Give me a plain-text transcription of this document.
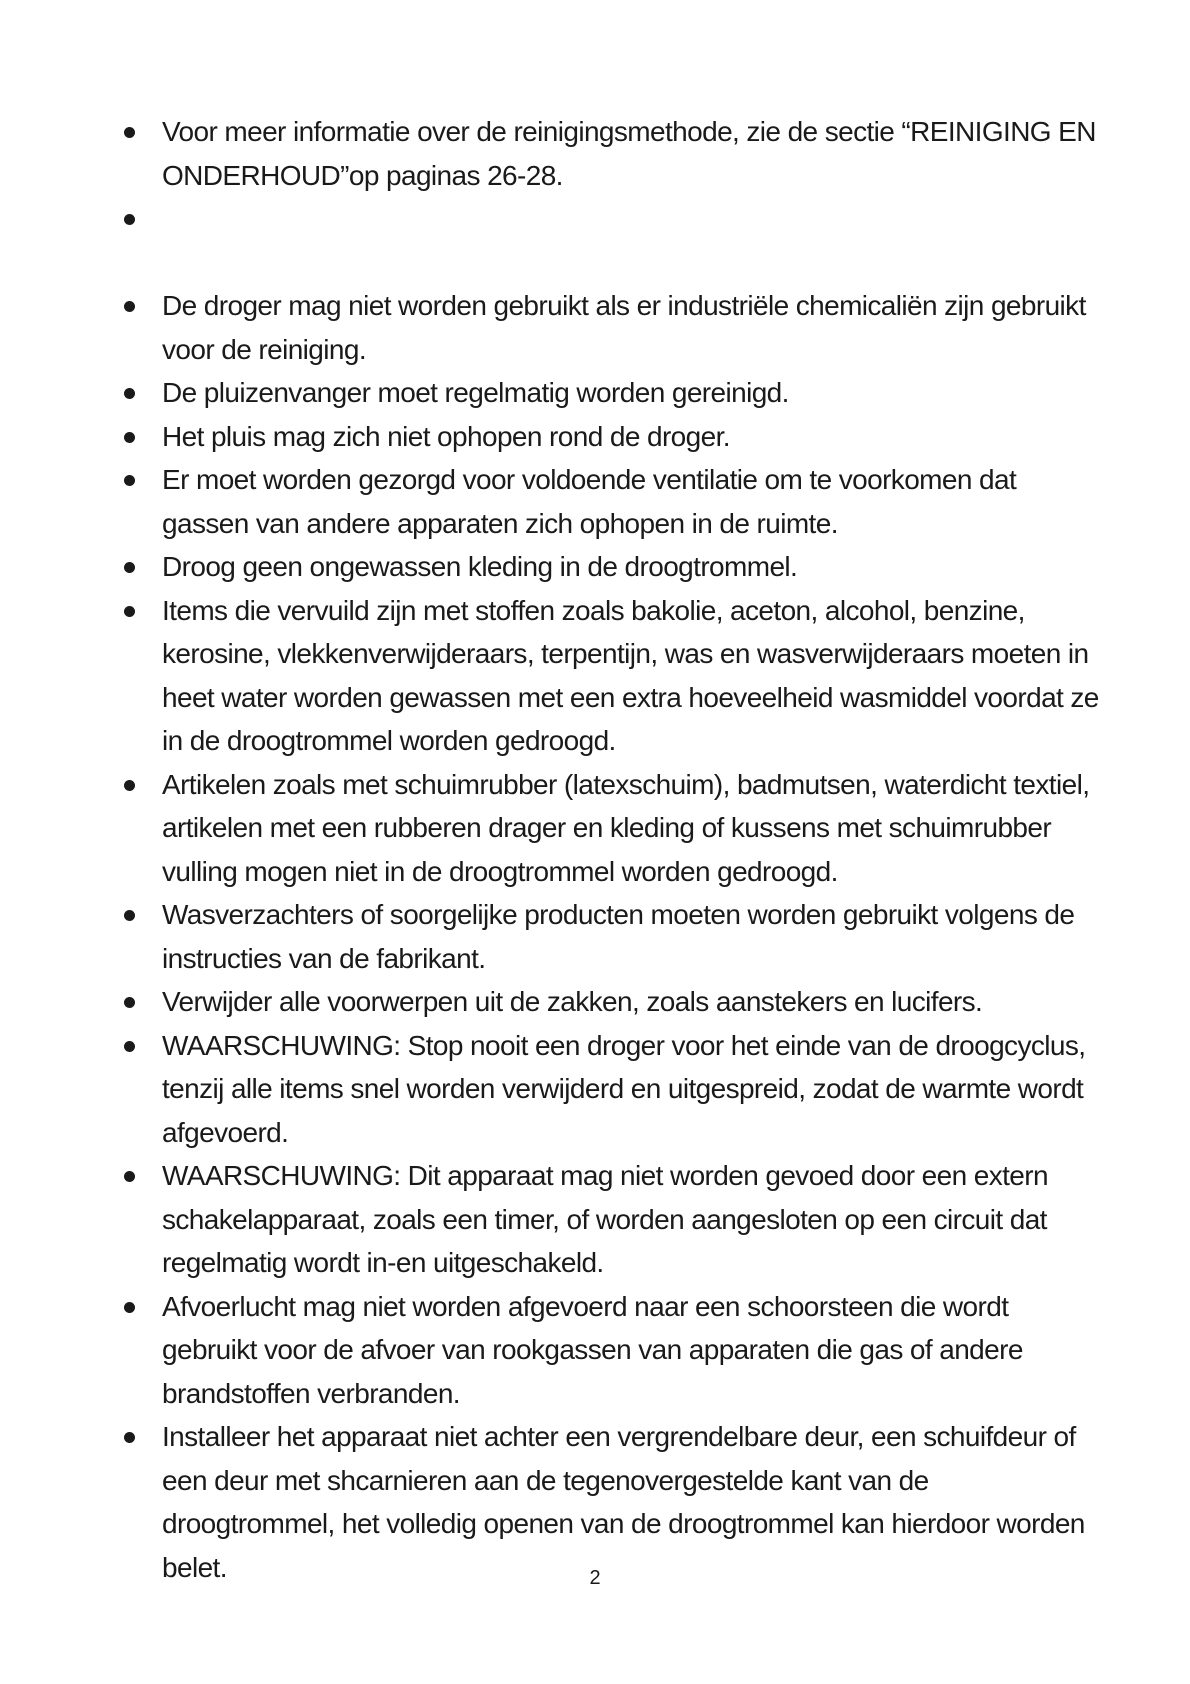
Voor meer informatie over de reinigingsmethode, zie de sectie “REINIGING EN ONDERHOUD”op paginas 26-28.
De droger mag niet worden gebruikt als er industriële chemicaliën zijn gebruikt voor de reiniging.
De pluizenvanger moet regelmatig worden gereinigd.
Het pluis mag zich niet ophopen rond de droger.
Er moet worden gezorgd voor voldoende ventilatie om te voorkomen dat gassen van andere apparaten zich ophopen in de ruimte.
Droog geen ongewassen kleding in de droogtrommel.
Items die vervuild zijn met stoffen zoals bakolie, aceton, alcohol, benzine, kerosine, vlekkenverwijderaars, terpentijn, was en wasverwijderaars moeten in heet water worden gewassen met een extra hoeveelheid wasmiddel voordat ze in de droogtrommel worden gedroogd.
Artikelen zoals met schuimrubber (latexschuim), badmutsen, waterdicht textiel, artikelen met een rubberen drager en kleding of kussens met schuimrubber vulling mogen niet in de droogtrommel worden gedroogd.
Wasverzachters of soorgelijke producten moeten worden gebruikt volgens de instructies van de fabrikant.
Verwijder alle voorwerpen uit de zakken, zoals aanstekers en lucifers.
WAARSCHUWING: Stop nooit een droger voor het einde van de droogcyclus, tenzij alle items snel worden verwijderd en uitgespreid, zodat de warmte wordt afgevoerd.
WAARSCHUWING: Dit apparaat mag niet worden gevoed door een extern schakelapparaat, zoals een timer, of worden aangesloten op een circuit dat regelmatig wordt in-en uitgeschakeld.
Afvoerlucht mag niet worden afgevoerd naar een schoorsteen die wordt gebruikt voor de afvoer van rookgassen van apparaten die gas of andere brandstoffen verbranden.
Installeer het apparaat niet achter een vergrendelbare deur, een schuifdeur of een deur met shcarnieren aan de tegenovergestelde kant van de droogtrommel, het volledig openen van de droogtrommel kan hierdoor worden belet.	2
